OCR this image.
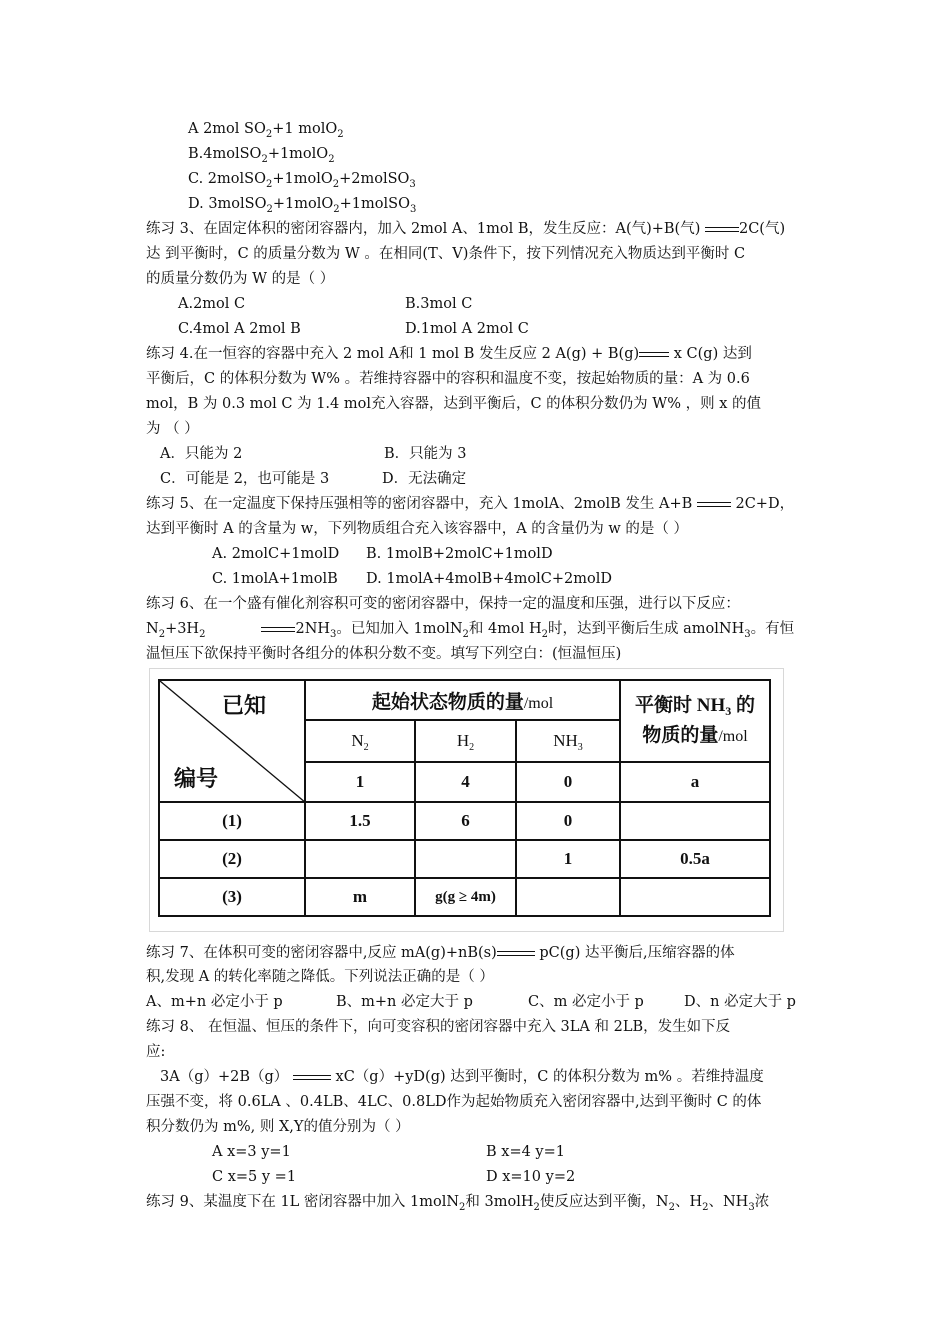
A 2mol $SO_2+1$ molO$_2$
B.4molSO$_2$+1molO$_2$
C. 2molSO$_2$+1molO$_2$+2molSO$_3$
D. 3molSO$_2$+1molO$_2$+1molSO$_3$
练习 3、在固定体积的密闭容器内，加入 2mol A、1mol B，发生反应：A(气)+B(气)	2C(气)
达 到平衡时，C 的质量分数为 W 。在相同(T、V)条件下，按下列情况充入物质达到平衡时 C
的质量分数仍为 W 的是（ ）
A.2mol C	B.3mol C
C.4mol A 2mol B	D.1mol A 2mol C
练习 4.在一恒容的容器中充入 2 mol A和 1 mol B 发生反应 2 A(g) + B(g) x C(g) 达到
平衡后，C 的体积分数为 W% 。若维持容器中的容积和温度不变，按起始物质的量：A 为 0.6
mol，B 为 0.3 mol C 为 1.4 mol充入容器，达到平衡后，C 的体积分数仍为 W% ，则 x 的值
为 （ ）
A．只能为 2	B．只能为 3
C．可能是 2，也可能是 3	D．无法确定
练习 5、在一定温度下保持压强相等的密闭容器中，充入 1molA、2molB 发生 A+B	2C+D，
达到平衡时 A 的含量为 w，下列物质组合充入该容器中，A 的含量仍为 w 的是（ ）
A. 2molC+1molD B. 1molB+2molC+1molD
C. 1molA+1molB D. 1molA+4molB+4molC+2molD
练习 6、在一个盛有催化剂容积可变的密闭容器中，保持一定的温度和压强，进行以下反应：
$N_2+3H_2$	$2NH_3$。已知加入 1molN$_2$和 4mol $H_2$时，达到平衡后生成 amolNH$_3$。有恒
温恒压下欲保持平衡时各组分的体积分数不变。填写下列空白：(恒温恒压)
已知
编号	起始状态物质的量/mol			平衡时 $NH_3$ 的
物质的量/mol
	$N_2$	$H_2$	$NH_3$
	1	4	0	a
(1)	1.5	6	0	
(2)			1	0.5a
(3)	m	g(g ≥ 4m)		
练习 7、在体积可变的密闭容器中,反应 mA(g)+nB(s)	pC(g) 达平衡后,压缩容器的体
积,发现 A 的转化率随之降低。下列说法正确的是（ ）
A、m+n 必定小于 p	B、m+n 必定大于 p	C、m 必定小于 p	D、n 必定大于 p
练习 8、 在恒温、恒压的条件下，向可变容积的密闭容器中充入 3LA 和 2LB，发生如下反
应:
3A（g）+2B（g）	xC（g）+yD(g) 达到平衡时，C 的体积分数为 m% 。若维持温度
压强不变，将 0.6LA 、0.4LB、4LC、0.8LD作为起始物质充入密闭容器中,达到平衡时 C 的体
积分数仍为 m%, 则 X,Y的值分别为（ ）
A x=3 y=1	B x=4 y=1
C x=5 y =1	D x=10 y=2
练习 9、某温度下在 1L 密闭容器中加入 1molN$_2$和 3molH$_2$使反应达到平衡，$N_2$、$H_2$、$NH_3$浓
